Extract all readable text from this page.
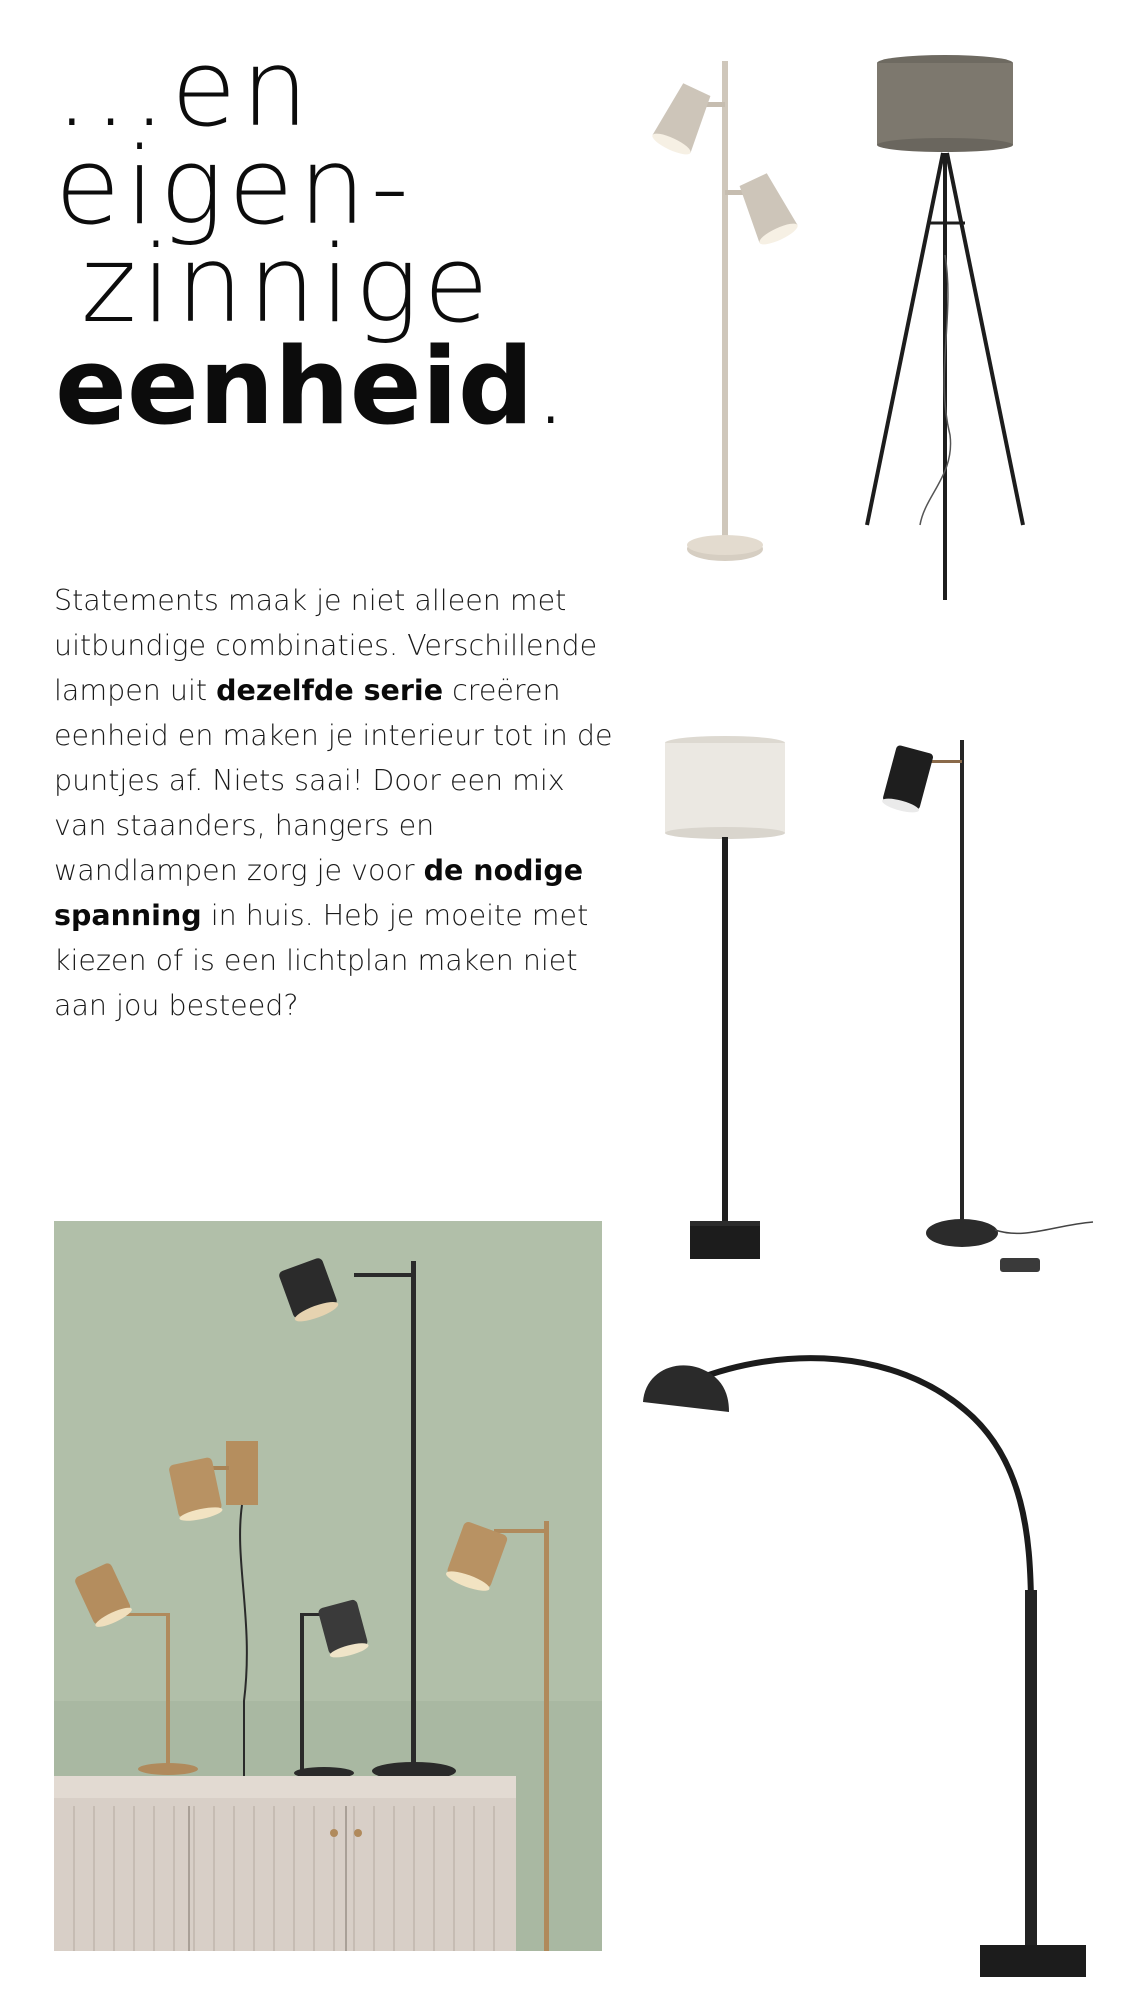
...en
eigen-
zinnige
eenheid.

Statements maak je niet alleen met uitbundige combinaties. Verschillende lampen uit dezelfde serie creëren eenheid en maken je interieur tot in de puntjes af. Niets saai! Door een mix van staanders, hangers en wandlampen zorg je voor de nodige spanning in huis. Heb je moeite met kiezen of is een lichtplan maken niet aan jou besteed?
